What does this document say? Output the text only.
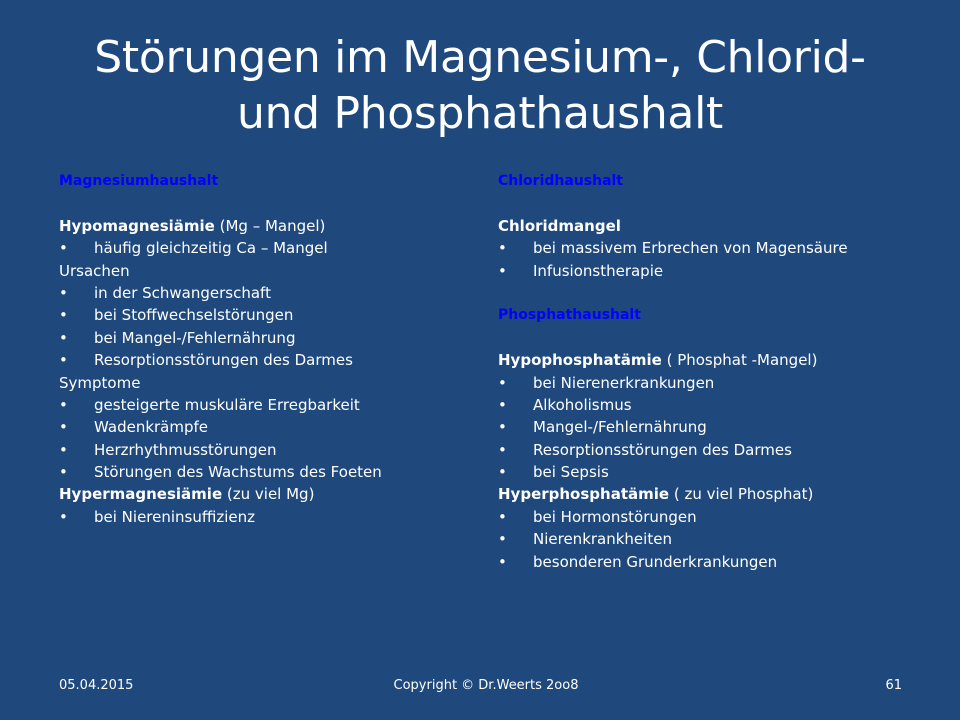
Störungen im Magnesium-, Chlorid-
und Phosphathaushalt
Magnesiumhaushalt
Hypomagnesiämie (Mg – Mangel)
•	häufig gleichzeitig Ca – Mangel
Ursachen
•	in der Schwangerschaft
•	bei Stoffwechselstörungen
•	bei Mangel-/Fehlernährung
•	Resorptionsstörungen des Darmes
Symptome
•	gesteigerte muskuläre Erregbarkeit
•	Wadenkrämpfe
•	Herzrhythmusstörungen
•	Störungen des Wachstums des Foeten
Hypermagnesiämie (zu viel Mg)
•	bei Niereninsuffizienz
Chloridhaushalt
Chloridmangel
•	bei massivem Erbrechen von Magensäure
•	Infusionstherapie
Phosphathaushalt
Hypophosphatämie ( Phosphat -Mangel)
•	bei Nierenerkrankungen
•	Alkoholismus
•	Mangel-/Fehlernährung
•	Resorptionsstörungen des Darmes
•	bei Sepsis
Hyperphosphatämie ( zu viel Phosphat)
•	bei Hormonstörungen
•	Nierenkrankheiten
•	besonderen Grunderkrankungen
05.04.2015	Copyright © Dr.Weerts 2oo8	61
